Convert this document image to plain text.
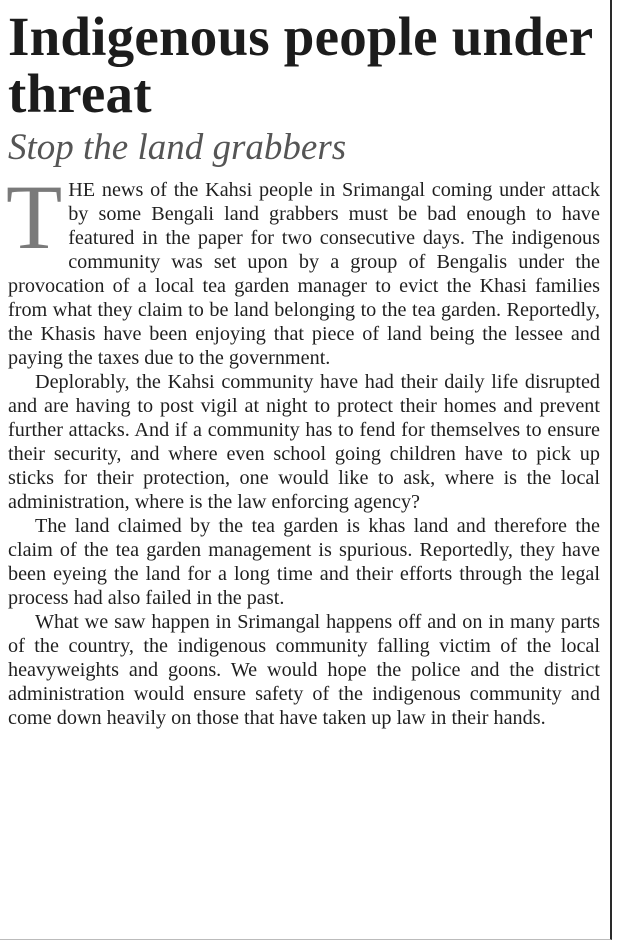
Indigenous people under threat
Stop the land grabbers

THE news of the Kahsi people in Srimangal coming under attack by some Bengali land grabbers must be bad enough to have featured in the paper for two consecutive days. The indigenous community was set upon by a group of Bengalis under the provocation of a local tea garden manager to evict the Khasi families from what they claim to be land belonging to the tea garden. Reportedly, the Khasis have been enjoying that piece of land being the lessee and paying the taxes due to the government.

Deplorably, the Kahsi community have had their daily life disrupted and are having to post vigil at night to protect their homes and prevent further attacks. And if a community has to fend for themselves to ensure their security, and where even school going children have to pick up sticks for their protection, one would like to ask, where is the local administration, where is the law enforcing agency?

The land claimed by the tea garden is khas land and therefore the claim of the tea garden management is spurious. Reportedly, they have been eyeing the land for a long time and their efforts through the legal process had also failed in the past.

What we saw happen in Srimangal happens off and on in many parts of the country, the indigenous community falling victim of the local heavyweights and goons. We would hope the police and the district administration would ensure safety of the indigenous community and come down heavily on those that have taken up law in their hands.
